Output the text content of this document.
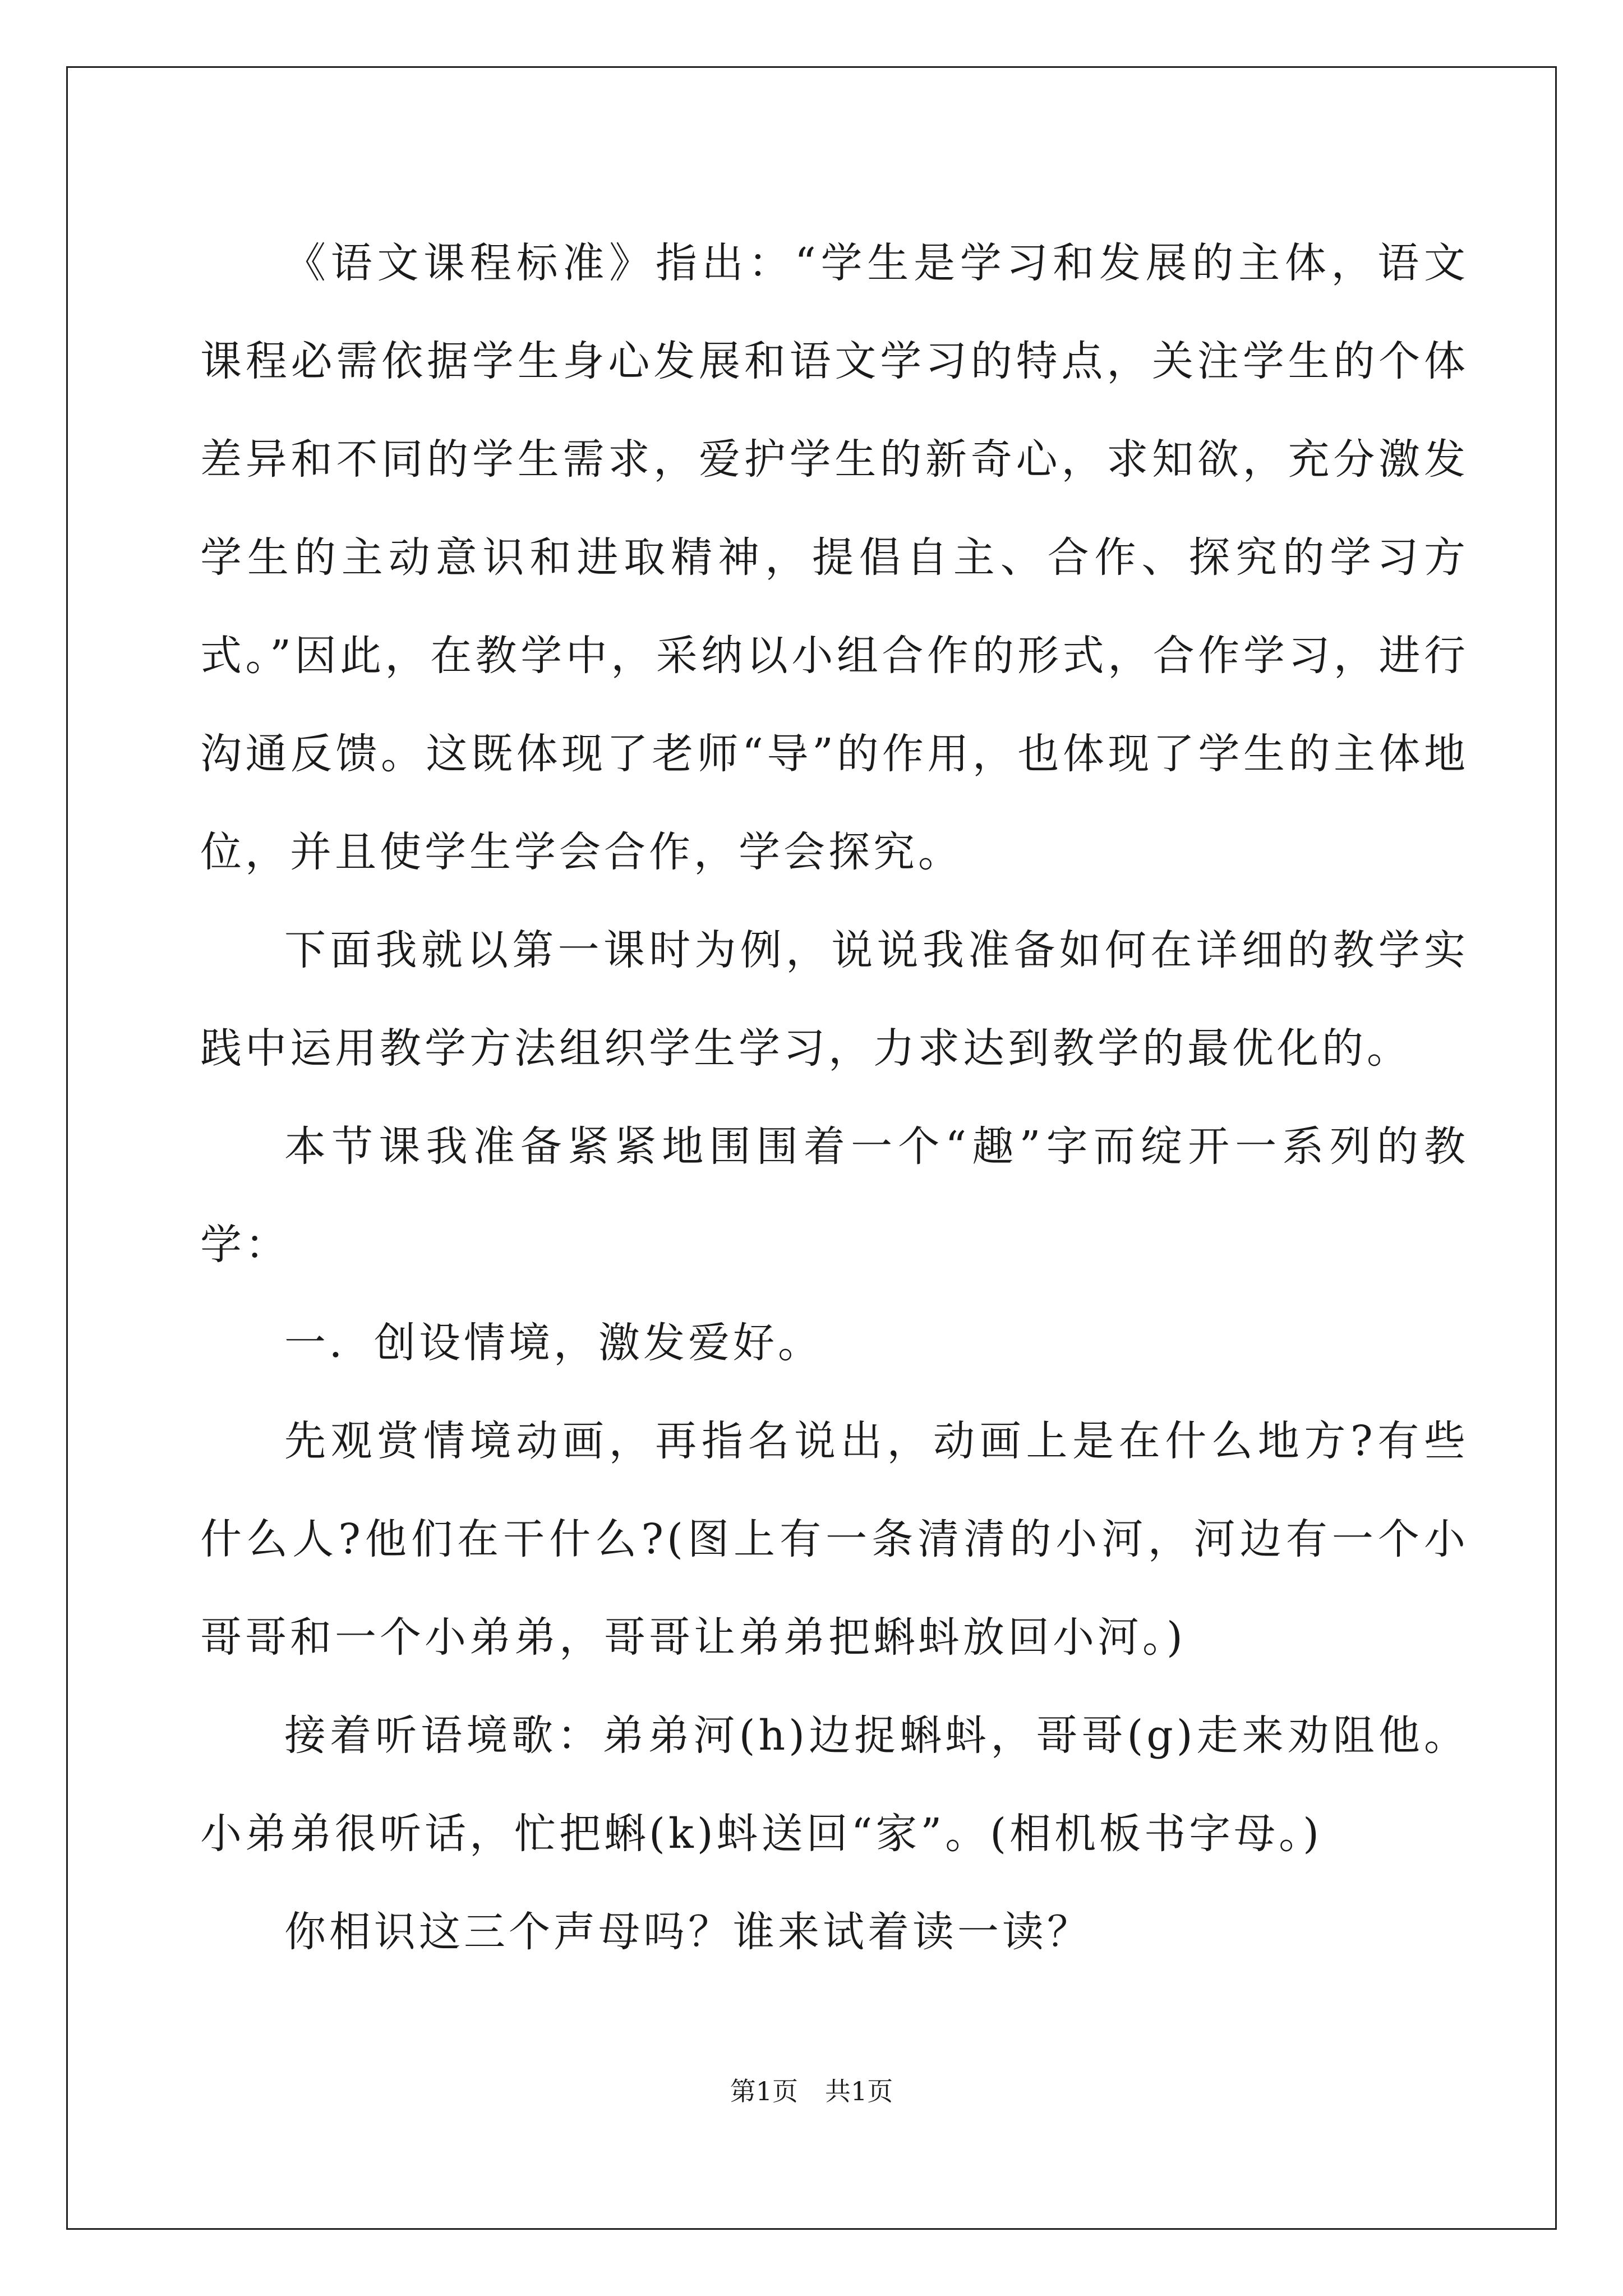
《语文课程标准》指出：“学生是学习和发展的主体，语文课程必需依据学生身心发展和语文学习的特点，关注学生的个体差异和不同的学生需求，爱护学生的新奇心，求知欲，充分激发学生的主动意识和进取精神，提倡自主、合作、探究的学习方式。”因此，在教学中，采纳以小组合作的形式，合作学习，进行沟通反馈。这既体现了老师“导”的作用，也体现了学生的主体地位，并且使学生学会合作，学会探究。

下面我就以第一课时为例，说说我准备如何在详细的教学实践中运用教学方法组织学生学习，力求达到教学的最优化的。

本节课我准备紧紧地围围着一个“趣”字而绽开一系列的教学：

一．创设情境，激发爱好。

先观赏情境动画，再指名说出，动画上是在什么地方?有些什么人?他们在干什么?(图上有一条清清的小河，河边有一个小哥哥和一个小弟弟，哥哥让弟弟把蝌蚪放回小河。)

接着听语境歌：弟弟河(h)边捉蝌蚪，哥哥(g)走来劝阻他。小弟弟很听话，忙把蝌(k)蚪送回“家”。(相机板书字母。)

你相识这三个声母吗？谁来试着读一读？

第1页 共1页
